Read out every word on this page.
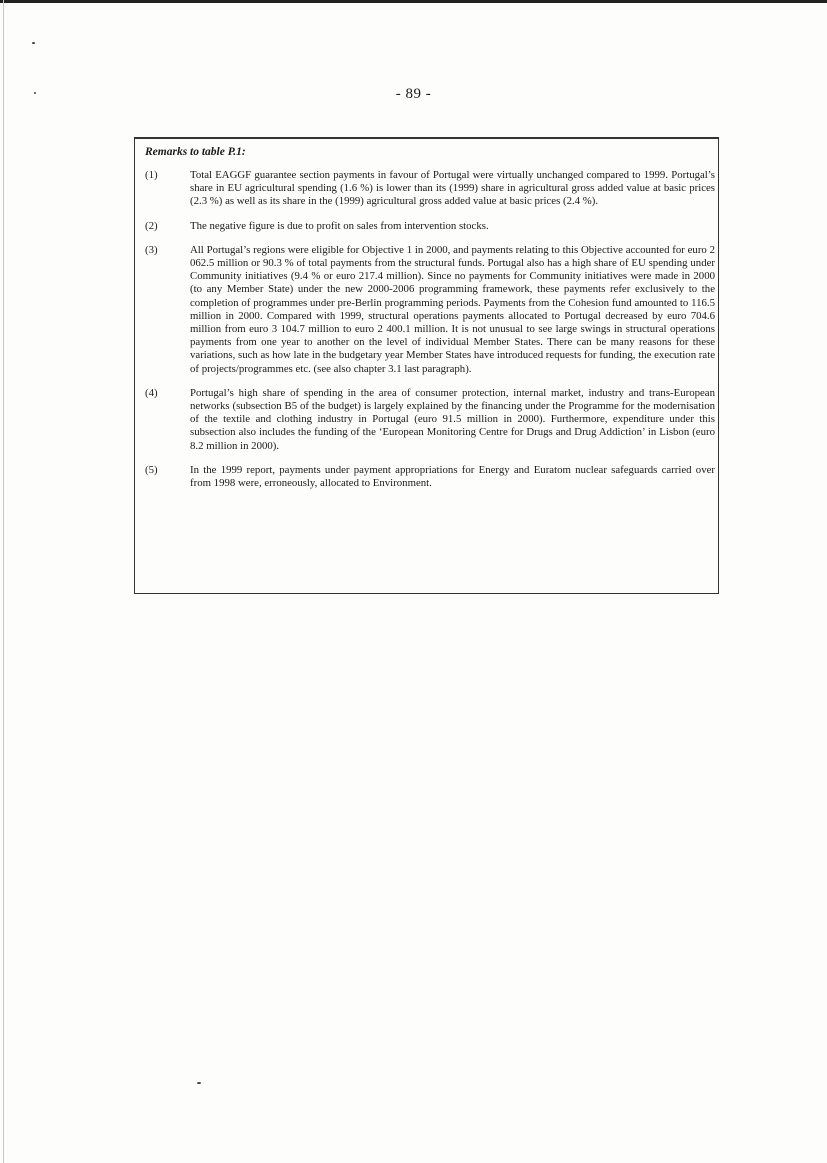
- 89 -
Remarks to table P.1:
(1)	Total EAGGF guarantee section payments in favour of Portugal were virtually unchanged compared to 1999. Portugal’s share in EU agricultural spending (1.6 %) is lower than its (1999) share in agricultural gross added value at basic prices (2.3 %) as well as its share in the (1999) agricultural gross added value at basic prices (2.4 %).
(2)	The negative figure is due to profit on sales from intervention stocks.
(3)	All Portugal’s regions were eligible for Objective 1 in 2000, and payments relating to this Objective accounted for euro 2 062.5 million or 90.3 % of total payments from the structural funds. Portugal also has a high share of EU spending under Community initiatives (9.4 % or euro 217.4 million). Since no payments for Community initiatives were made in 2000 (to any Member State) under the new 2000-2006 programming framework, these payments refer exclusively to the completion of programmes under pre-Berlin programming periods. Payments from the Cohesion fund amounted to 116.5 million in 2000. Compared with 1999, structural operations payments allocated to Portugal decreased by euro 704.6 million from euro 3 104.7 million to euro 2 400.1 million. It is not unusual to see large swings in structural operations payments from one year to another on the level of individual Member States. There can be many reasons for these variations, such as how late in the budgetary year Member States have introduced requests for funding, the execution rate of projects/programmes etc. (see also chapter 3.1 last paragraph).
(4)	Portugal’s high share of spending in the area of consumer protection, internal market, industry and trans-European networks (subsection B5 of the budget) is largely explained by the financing under the Programme for the modernisation of the textile and clothing industry in Portugal (euro 91.5 million in 2000). Furthermore, expenditure under this subsection also includes the funding of the ‘European Monitoring Centre for Drugs and Drug Addiction’ in Lisbon (euro 8.2 million in 2000).
(5)	In the 1999 report, payments under payment appropriations for Energy and Euratom nuclear safeguards carried over from 1998 were, erroneously, allocated to Environment.
